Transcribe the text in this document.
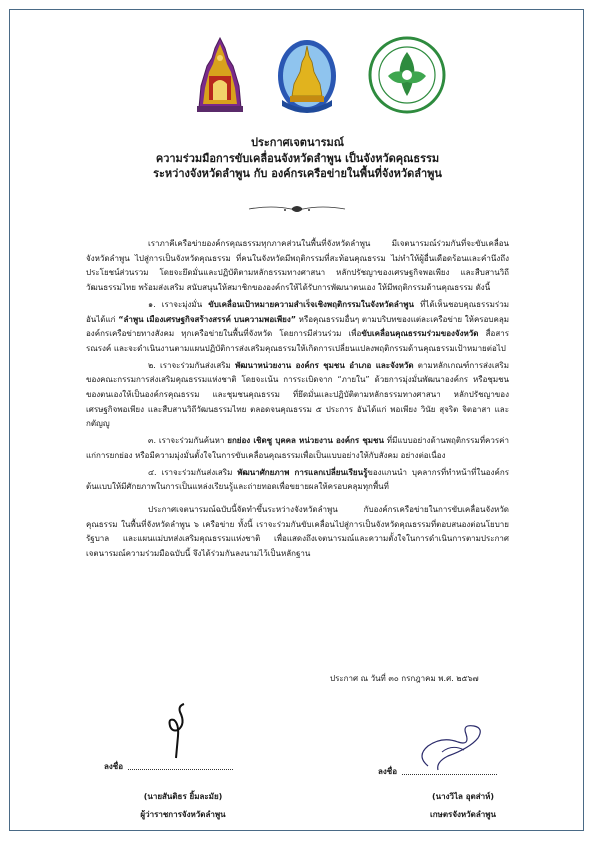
ประกาศเจตนารมณ์
ความร่วมมือการขับเคลื่อนจังหวัดลำพูน เป็นจังหวัดคุณธรรม
ระหว่างจังหวัดลำพูน กับ องค์กรเครือข่ายในพื้นที่จังหวัดลำพูน

เราภาคีเครือข่ายองค์กรคุณธรรมทุกภาคส่วนในพื้นที่จังหวัดลำพูน มีเจตนารมณ์ร่วมกันที่จะขับเคลื่อนจังหวัดลำพูน ไปสู่การเป็นจังหวัดคุณธรรม ที่คนในจังหวัดมีพฤติกรรมที่สะท้อนคุณธรรม ไม่ทำให้ผู้อื่นเดือดร้อนและคำนึงถึงประโยชน์ส่วนรวม โดยจะยึดมั่นและปฏิบัติตามหลักธรรมทางศาสนา หลักปรัชญาของเศรษฐกิจพอเพียง และสืบสานวิถีวัฒนธรรมไทย พร้อมส่งเสริม สนับสนุนให้สมาชิกขององค์กรให้ได้รับการพัฒนาตนเอง ให้มีพฤติกรรมด้านคุณธรรม ดังนี้

๑. เราจะมุ่งมั่น ขับเคลื่อนเป้าหมายความสำเร็จเชิงพฤติกรรมในจังหวัดลำพูน ที่ได้เห็นชอบคุณธรรมร่วม อันได้แก่ “ลำพูน เมืองเศรษฐกิจสร้างสรรค์ บนความพอเพียง” หรือคุณธรรมอื่นๆ ตามบริบทของแต่ละเครือข่าย ให้ครอบคลุมองค์กรเครือข่ายทางสังคม ทุกเครือข่ายในพื้นที่จังหวัด โดยการมีส่วนร่วม เพื่อขับเคลื่อนคุณธรรมร่วมของจังหวัด สื่อสาร รณรงค์ และจะดำเนินงานตามแผนปฏิบัติการส่งเสริมคุณธรรมให้เกิดการเปลี่ยนแปลงพฤติกรรมด้านคุณธรรมเป้าหมายต่อไป

๒. เราจะร่วมกันส่งเสริม พัฒนาหน่วยงาน องค์กร ชุมชน อำเภอ และจังหวัด ตามหลักเกณฑ์การส่งเสริมของคณะกรรมการส่งเสริมคุณธรรมแห่งชาติ โดยจะเน้น การระเบิดจาก “ภายใน” ด้วยการมุ่งมั่นพัฒนาองค์กร หรือชุมชนของตนเองให้เป็นองค์กรคุณธรรม และชุมชนคุณธรรม ที่ยึดมั่นและปฏิบัติตามหลักธรรมทางศาสนา หลักปรัชญาของเศรษฐกิจพอเพียง และสืบสานวิถีวัฒนธรรมไทย ตลอดจนคุณธรรม ๕ ประการ อันได้แก่ พอเพียง วินัย สุจริต จิตอาสา และกตัญญู

๓. เราจะร่วมกันค้นหา ยกย่อง เชิดชู บุคคล หน่วยงาน องค์กร ชุมชน ที่มีแบบอย่างด้านพฤติกรรมที่ควรค่าแก่การยกย่อง หรือมีความมุ่งมั่นตั้งใจในการขับเคลื่อนคุณธรรมเพื่อเป็นแบบอย่างให้กับสังคม อย่างต่อเนื่อง

๔. เราจะร่วมกันส่งเสริม พัฒนาศักยภาพ การแลกเปลี่ยนเรียนรู้ของแกนนำ บุคลากรที่ทำหน้าที่ในองค์กรต้นแบบให้มีศักยภาพในการเป็นแหล่งเรียนรู้และถ่ายทอดเพื่อขยายผลให้ครอบคลุมทุกพื้นที่

ประกาศเจตนารมณ์ฉบับนี้จัดทำขึ้นระหว่างจังหวัดลำพูน กับองค์กรเครือข่ายในการขับเคลื่อนจังหวัดคุณธรรม ในพื้นที่จังหวัดลำพูน ๖ เครือข่าย ทั้งนี้ เราจะร่วมกันขับเคลื่อนไปสู่การเป็นจังหวัดคุณธรรมที่ตอบสนองต่อนโยบายรัฐบาล และแผนแม่บทส่งเสริมคุณธรรมแห่งชาติ เพื่อแสดงถึงเจตนารมณ์และความตั้งใจในการดำเนินการตามประกาศเจตนารมณ์ความร่วมมือฉบับนี้ จึงได้ร่วมกันลงนามไว้เป็นหลักฐาน

ประกาศ ณ วันที่ ๓๐ กรกฎาคม พ.ศ. ๒๕๖๗
ลงชื่อ
(นายสันติธร ยิ้มละมัย)
ผู้ว่าราชการจังหวัดลำพูน
ลงชื่อ
(นางวิไล อุตส่าห์)
เกษตรจังหวัดลำพูน
